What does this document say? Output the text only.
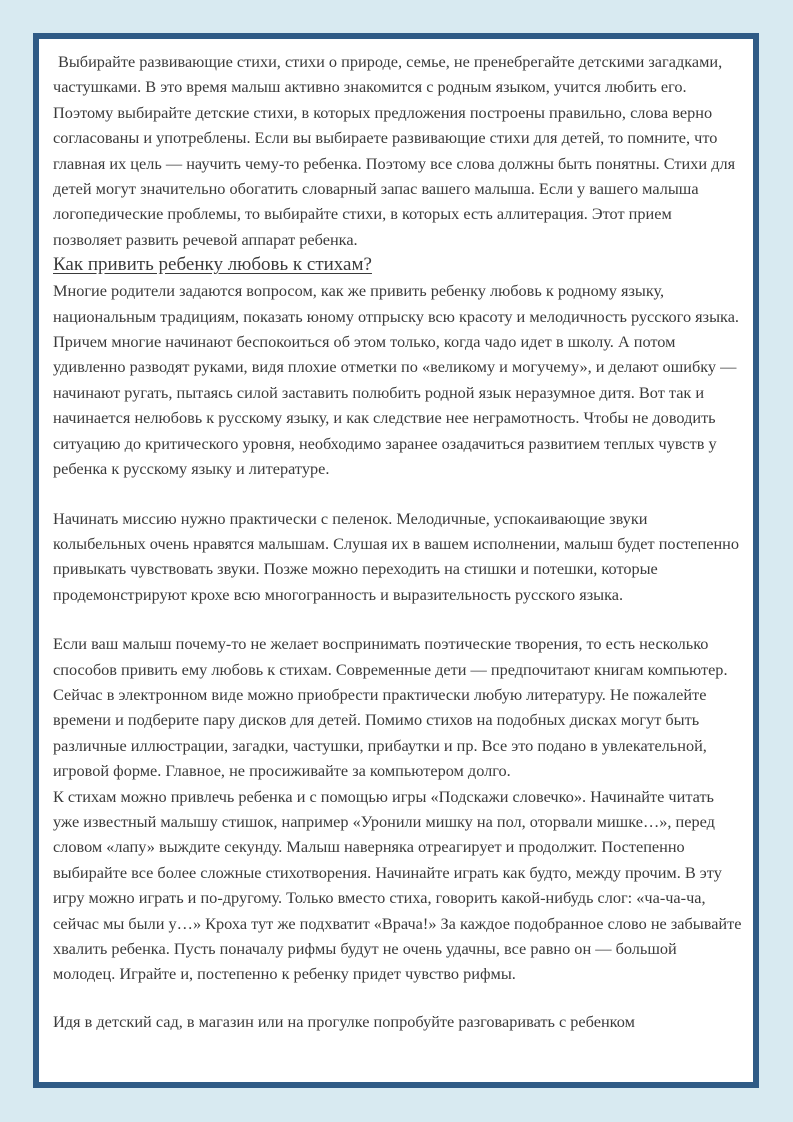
Выбирайте развивающие стихи, стихи о природе, семье, не пренебрегайте детскими загадками, частушками. В это время малыш активно знакомится с родным языком, учится любить его. Поэтому выбирайте детские стихи, в которых предложения построены правильно, слова верно согласованы и употреблены. Если вы выбираете развивающие стихи для детей, то помните, что главная их цель — научить чему-то ребенка. Поэтому все слова должны быть понятны. Стихи для детей могут значительно обогатить словарный запас вашего малыша. Если у вашего малыша логопедические проблемы, то выбирайте стихи, в которых есть аллитерация. Этот прием позволяет развить речевой аппарат ребенка.

Как привить ребенку любовь к стихам?

Многие родители задаются вопросом, как же привить ребенку любовь к родному языку, национальным традициям, показать юному отпрыску всю красоту и мелодичность русского языка. Причем многие начинают беспокоиться об этом только, когда чадо идет в школу. А потом удивленно разводят руками, видя плохие отметки по «великому и могучему», и делают ошибку — начинают ругать, пытаясь силой заставить полюбить родной язык неразумное дитя. Вот так и начинается нелюбовь к русскому языку, и как следствие нее неграмотность. Чтобы не доводить ситуацию до критического уровня, необходимо заранее озадачиться развитием теплых чувств у ребенка к русскому языку и литературе.

Начинать миссию нужно практически с пеленок. Мелодичные, успокаивающие звуки колыбельных очень нравятся малышам. Слушая их в вашем исполнении, малыш будет постепенно привыкать чувствовать звуки. Позже можно переходить на стишки и потешки, которые продемонстрируют крохе всю многогранность и выразительность русского языка.

Если ваш малыш почему-то не желает воспринимать поэтические творения, то есть несколько способов привить ему любовь к стихам. Современные дети — предпочитают книгам компьютер. Сейчас в электронном виде можно приобрести практически любую литературу. Не пожалейте времени и подберите пару дисков для детей. Помимо стихов на подобных дисках могут быть различные иллюстрации, загадки, частушки, прибаутки и пр. Все это подано в увлекательной, игровой форме. Главное, не просиживайте за компьютером долго.

К стихам можно привлечь ребенка и с помощью игры «Подскажи словечко». Начинайте читать уже известный малышу стишок, например «Уронили мишку на пол, оторвали мишке…», перед словом «лапу» выждите секунду. Малыш наверняка отреагирует и продолжит. Постепенно выбирайте все более сложные стихотворения. Начинайте играть как будто, между прочим. В эту игру можно играть и по-другому. Только вместо стиха, говорить какой-нибудь слог: «ча-ча-ча, сейчас мы были у…» Кроха тут же подхватит «Врача!» За каждое подобранное слово не забывайте хвалить ребенка. Пусть поначалу рифмы будут не очень удачны, все равно он — большой молодец. Играйте и, постепенно к ребенку придет чувство рифмы.

Идя в детский сад, в магазин или на прогулке попробуйте разговаривать с ребенком
